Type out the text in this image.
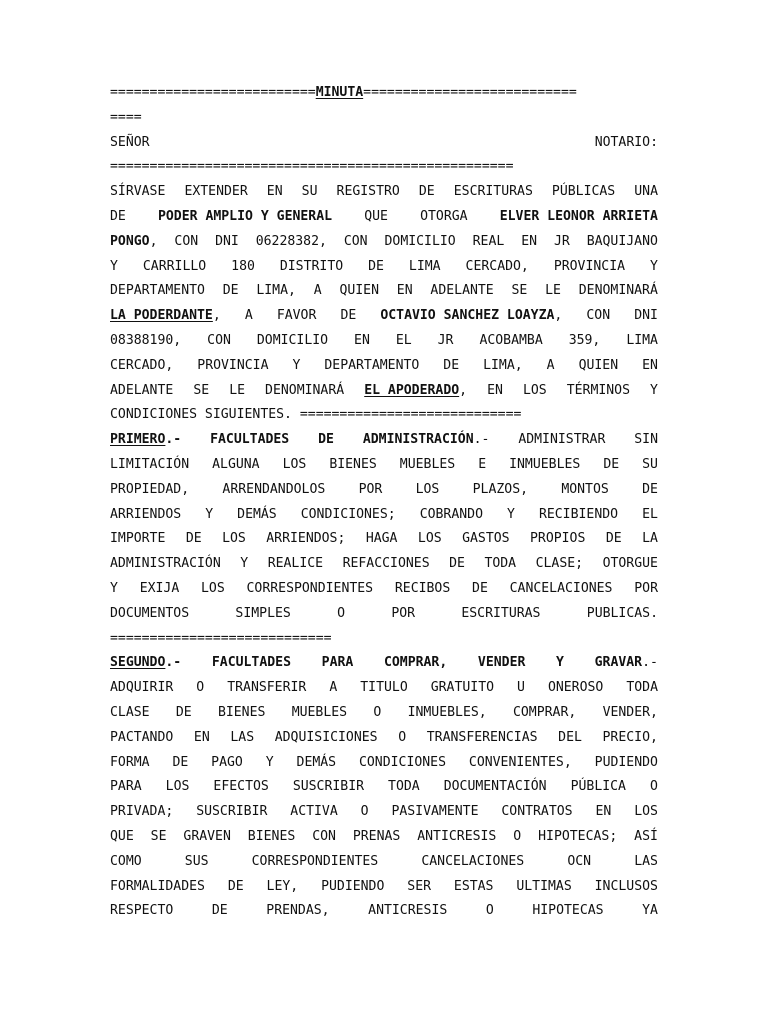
==========================MINUTA===========================
====
SEÑOR	NOTARIO:
===================================================
SÍRVASE EXTENDER EN SU REGISTRO DE ESCRITURAS PÚBLICAS UNA
DE PODER AMPLIO Y GENERAL QUE OTORGA ELVER LEONOR ARRIETA
PONGO, CON DNI 06228382, CON DOMICILIO REAL EN JR BAQUIJANO
Y CARRILLO 180 DISTRITO DE LIMA CERCADO, PROVINCIA Y
DEPARTAMENTO DE LIMA, A QUIEN EN ADELANTE SE LE DENOMINARÁ
LA PODERDANTE, A FAVOR DE OCTAVIO SANCHEZ LOAYZA, CON DNI
08388190, CON DOMICILIO EN EL JR ACOBAMBA 359, LIMA
CERCADO, PROVINCIA Y DEPARTAMENTO DE LIMA, A QUIEN EN
ADELANTE SE LE DENOMINARÁ EL APODERADO, EN LOS TÉRMINOS Y
CONDICIONES SIGUIENTES. ============================
PRIMERO.- FACULTADES DE ADMINISTRACIÓN.- ADMINISTRAR SIN
LIMITACIÓN ALGUNA LOS BIENES MUEBLES E INMUEBLES DE SU
PROPIEDAD,	ARRENDANDOLOS	POR	LOS	PLAZOS,	MONTOS	DE
ARRIENDOS Y DEMÁS CONDICIONES; COBRANDO Y RECIBIENDO EL
IMPORTE DE LOS ARRIENDOS; HAGA LOS GASTOS PROPIOS DE LA
ADMINISTRACIÓN Y REALICE REFACCIONES DE TODA CLASE; OTORGUE
Y EXIJA LOS CORRESPONDIENTES RECIBOS DE CANCELACIONES POR
DOCUMENTOS	SIMPLES	O	POR	ESCRITURAS	PUBLICAS.
============================
SEGUNDO.- FACULTADES PARA COMPRAR, VENDER Y GRAVAR.-
ADQUIRIR O TRANSFERIR A TITULO GRATUITO U ONEROSO TODA
CLASE DE BIENES MUEBLES O INMUEBLES, COMPRAR, VENDER,
PACTANDO EN LAS ADQUISICIONES O TRANSFERENCIAS DEL PRECIO,
FORMA DE PAGO Y DEMÁS CONDICIONES CONVENIENTES, PUDIENDO
PARA LOS EFECTOS SUSCRIBIR TODA DOCUMENTACIÓN PÚBLICA O
PRIVADA; SUSCRIBIR ACTIVA O PASIVAMENTE CONTRATOS EN LOS
QUE SE GRAVEN BIENES CON PRENAS ANTICRESIS O HIPOTECAS; ASÍ
COMO	SUS	CORRESPONDIENTES	CANCELACIONES	OCN	LAS
FORMALIDADES DE LEY, PUDIENDO SER ESTAS ULTIMAS INCLUSOS
RESPECTO	DE	PRENDAS,	ANTICRESIS	O	HIPOTECAS	YA
